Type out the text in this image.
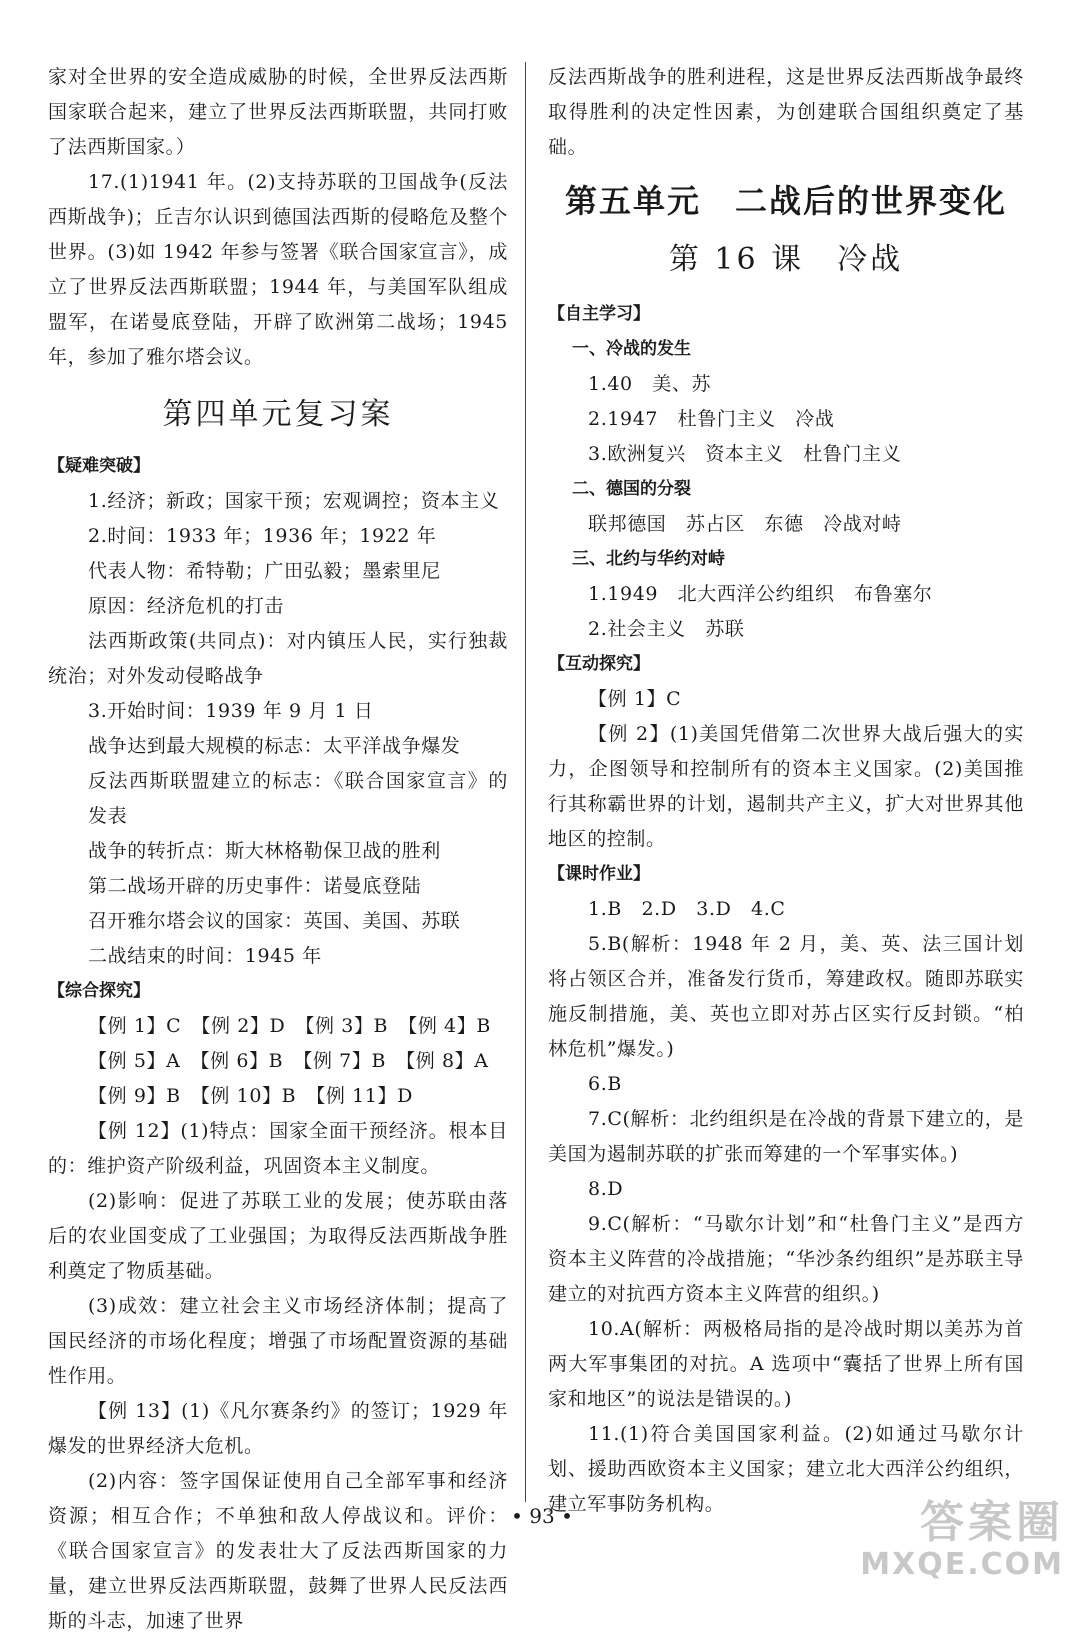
家对全世界的安全造成威胁的时候，全世界反法西斯国家联合起来，建立了世界反法西斯联盟，共同打败了法西斯国家。）

17.(1)1941 年。(2)支持苏联的卫国战争(反法西斯战争)；丘吉尔认识到德国法西斯的侵略危及整个世界。(3)如 1942 年参与签署《联合国家宣言》，成立了世界反法西斯联盟；1944 年，与美国军队组成盟军，在诺曼底登陆，开辟了欧洲第二战场；1945 年，参加了雅尔塔会议。

第四单元复习案

【疑难突破】

1.经济；新政；国家干预；宏观调控；资本主义

2.时间：1933 年；1936 年；1922 年

代表人物：希特勒；广田弘毅；墨索里尼

原因：经济危机的打击

法西斯政策(共同点)：对内镇压人民，实行独裁统治；对外发动侵略战争

3.开始时间：1939 年 9 月 1 日

战争达到最大规模的标志：太平洋战争爆发

反法西斯联盟建立的标志：《联合国家宣言》的发表

战争的转折点：斯大林格勒保卫战的胜利

第二战场开辟的历史事件：诺曼底登陆

召开雅尔塔会议的国家：英国、美国、苏联

二战结束的时间：1945 年

【综合探究】

【例 1】C　【例 2】D　【例 3】B　【例 4】B

【例 5】A　【例 6】B　【例 7】B　【例 8】A

【例 9】B　【例 10】B　【例 11】D

【例 12】(1)特点：国家全面干预经济。根本目的：维护资产阶级利益，巩固资本主义制度。

(2)影响：促进了苏联工业的发展；使苏联由落后的农业国变成了工业强国；为取得反法西斯战争胜利奠定了物质基础。

(3)成效：建立社会主义市场经济体制；提高了国民经济的市场化程度；增强了市场配置资源的基础性作用。

【例 13】(1)《凡尔赛条约》的签订；1929 年爆发的世界经济大危机。

(2)内容：签字国保证使用自己全部军事和经济资源；相互合作；不单独和敌人停战议和。评价：《联合国家宣言》的发表壮大了反法西斯国家的力量，建立世界反法西斯联盟，鼓舞了世界人民反法西斯的斗志，加速了世界

反法西斯战争的胜利进程，这是世界反法西斯战争最终取得胜利的决定性因素，为创建联合国组织奠定了基础。

第五单元　二战后的世界变化
第 16 课　冷战

【自主学习】

一、冷战的发生

1.40　美、苏

2.1947　杜鲁门主义　冷战

3.欧洲复兴　资本主义　杜鲁门主义

二、德国的分裂

联邦德国　苏占区　东德　冷战对峙

三、北约与华约对峙

1.1949　北大西洋公约组织　布鲁塞尔

2.社会主义　苏联

【互动探究】

【例 1】C

【例 2】(1)美国凭借第二次世界大战后强大的实力，企图领导和控制所有的资本主义国家。(2)美国推行其称霸世界的计划，遏制共产主义，扩大对世界其他地区的控制。

【课时作业】

1.B　2.D　3.D　4.C

5.B(解析：1948 年 2 月，美、英、法三国计划将占领区合并，准备发行货币，筹建政权。随即苏联实施反制措施，美、英也立即对苏占区实行反封锁。“柏林危机”爆发。)

6.B

7.C(解析：北约组织是在冷战的背景下建立的，是美国为遏制苏联的扩张而筹建的一个军事实体。)

8.D

9.C(解析：“马歇尔计划”和“杜鲁门主义”是西方资本主义阵营的冷战措施；“华沙条约组织”是苏联主导建立的对抗西方资本主义阵营的组织。)

10.A(解析：两极格局指的是冷战时期以美苏为首两大军事集团的对抗。A 选项中“囊括了世界上所有国家和地区”的说法是错误的。)

11.(1)符合美国国家利益。(2)如通过马歇尔计划、援助西欧资本主义国家；建立北大西洋公约组织，建立军事防务机构。

• 93 •	答案圈
MXQE.COM
